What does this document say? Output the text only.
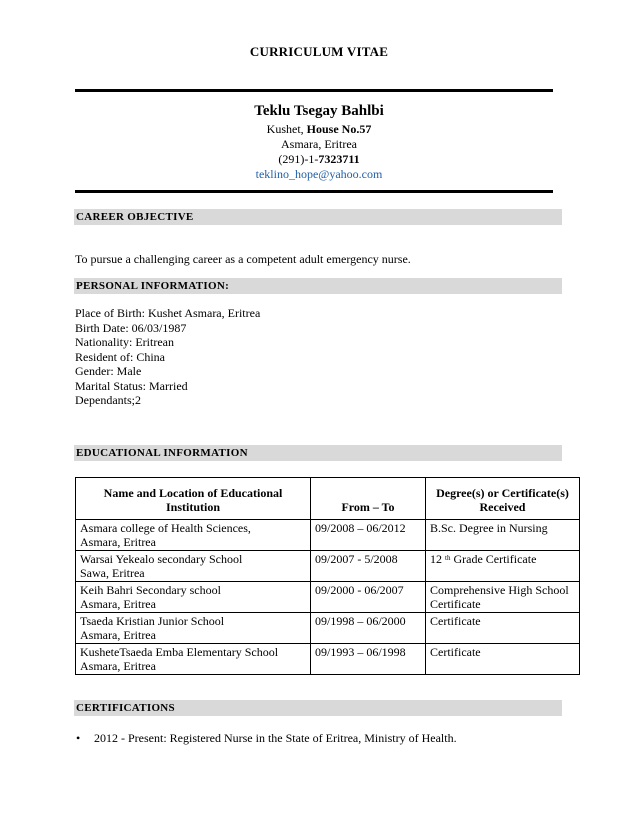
CURRICULUM VITAE
Teklu Tsegay Bahlbi
Kushet, House No.57
Asmara, Eritrea
(291)-1-7323711
teklino_hope@yahoo.com
CAREER OBJECTIVE
To pursue a challenging career as a competent adult emergency nurse.
PERSONAL INFORMATION:
Place of Birth: Kushet Asmara, Eritrea
Birth Date: 06/03/1987
Nationality: Eritrean
Resident of: China
Gender: Male
Marital Status: Married
Dependants;2
EDUCATIONAL INFORMATION
Name and Location of Educational Institution	From – To	Degree(s) or Certificate(s) Received

Asmara college of Health Sciences,
Asmara, Eritrea	09/2008 – 06/2012	B.Sc. Degree in Nursing

Warsai Yekealo secondary School
Sawa, Eritrea	09/2007 - 5/2008	12 $^{th}$ Grade Certificate

Keih Bahri Secondary school
Asmara, Eritrea	09/2000 - 06/2007	Comprehensive High School Certificate

Tsaeda Kristian Junior School
Asmara, Eritrea	09/1998 – 06/2000	Certificate

KusheteTsaeda Emba Elementary School
Asmara, Eritrea	09/1993 – 06/1998	Certificate
CERTIFICATIONS
• 2012 - Present: Registered Nurse in the State of Eritrea, Ministry of Health.
